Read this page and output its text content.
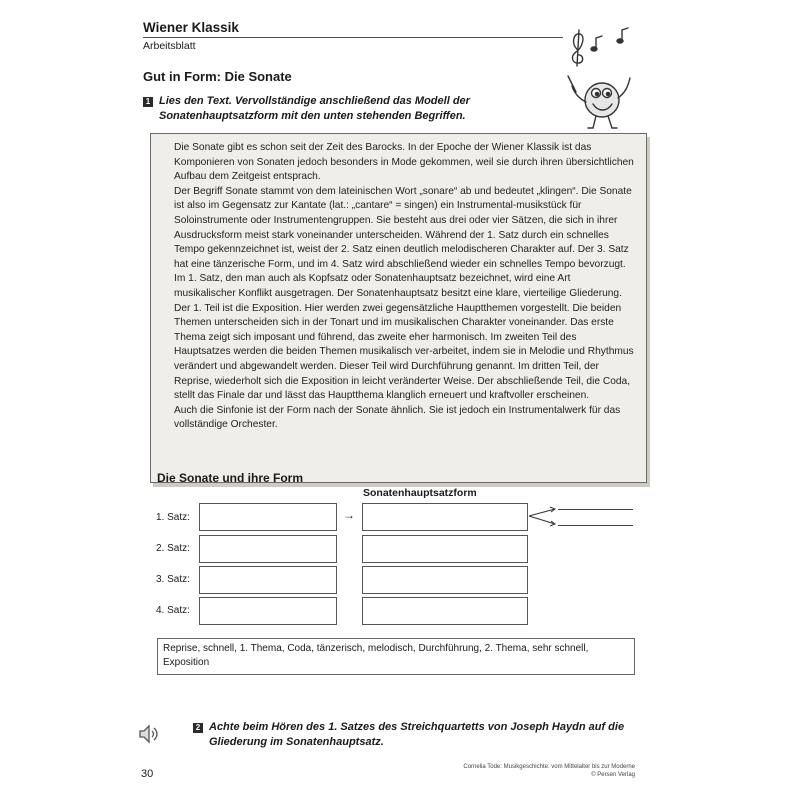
Wiener Klassik
Arbeitsblatt
Gut in Form: Die Sonate
1 Lies den Text. Vervollständige anschließend das Modell der
Sonatenhauptsatzform mit den unten stehenden Begriffen.

Die Sonate gibt es schon seit der Zeit des Barocks. In der Epoche der Wiener Klassik ist das Komponieren von Sonaten jedoch besonders in Mode gekommen, weil sie durch ihren übersichtlichen Aufbau dem Zeitgeist entsprach.

Der Begriff Sonate stammt von dem lateinischen Wort „sonare“ ab und bedeutet „klingen“. Die Sonate ist also im Gegensatz zur Kantate (lat.: „cantare“ = singen) ein Instrumental-musikstück für Soloinstrumente oder Instrumentengruppen. Sie besteht aus drei oder vier Sätzen, die sich in ihrer Ausdrucksform meist stark voneinander unterscheiden. Während der 1. Satz durch ein schnelles Tempo gekennzeichnet ist, weist der 2. Satz einen deutlich melodischeren Charakter auf. Der 3. Satz hat eine tänzerische Form, und im 4. Satz wird abschließend wieder ein schnelles Tempo bevorzugt.

Im 1. Satz, den man auch als Kopfsatz oder Sonatenhauptsatz bezeichnet, wird eine Art musikalischer Konflikt ausgetragen. Der Sonatenhauptsatz besitzt eine klare, vierteilige Gliederung. Der 1. Teil ist die Exposition. Hier werden zwei gegensätzliche Hauptthemen vorgestellt. Die beiden Themen unterscheiden sich in der Tonart und im musikalischen Charakter voneinander. Das erste Thema zeigt sich imposant und führend, das zweite eher harmonisch. Im zweiten Teil des Hauptsatzes werden die beiden Themen musikalisch ver-arbeitet, indem sie in Melodie und Rhythmus verändert und abgewandelt werden. Dieser Teil wird Durchführung genannt. Im dritten Teil, der Reprise, wiederholt sich die Exposition in leicht veränderter Weise. Der abschließende Teil, die Coda, stellt das Finale dar und lässt das Hauptthema klanglich erneuert und kraftvoller erscheinen.

Auch die Sinfonie ist der Form nach der Sonate ähnlich. Sie ist jedoch ein Instrumentalwerk für das vollständige Orchester.

Die Sonate und ihre Form
Sonatenhauptsatzform
1. Satz:	→
2. Satz:
3. Satz:
4. Satz:
Reprise, schnell, 1. Thema, Coda, tänzerisch, melodisch, Durchführung, 2. Thema, sehr schnell, Exposition
2 Achte beim Hören des 1. Satzes des Streichquartetts von Joseph Haydn auf die
Gliederung im Sonatenhauptsatz.
30
Cornelia Tode: Musikgeschichte: vom Mittelalter bis zur Moderne
© Persen Verlag
